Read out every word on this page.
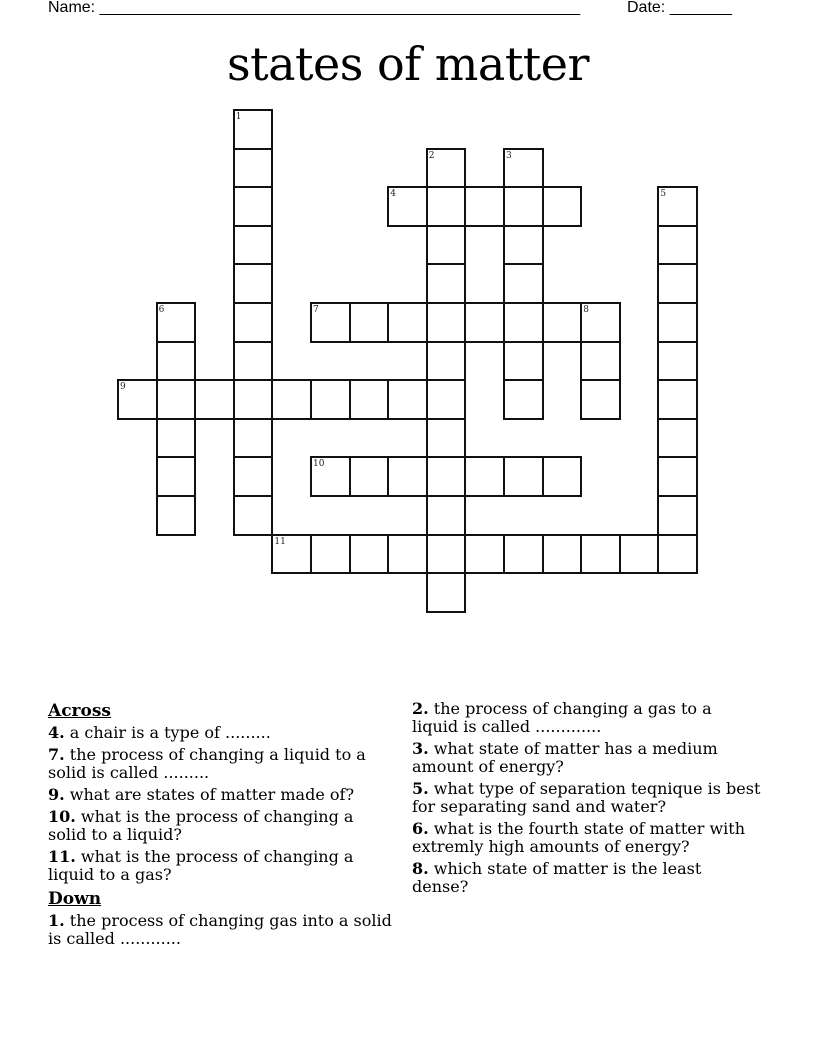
Name: ______________________________________________________	Date: _______
states of matter
1
2	3
4	5
6	7	8
9
10
11
Across
4. a chair is a type of .........
7. the process of changing a liquid to a solid is called .........
9. what are states of matter made of?
10. what is the process of changing a solid to a liquid?
11. what is the process of changing a liquid to a gas?
Down
1. the process of changing gas into a solid is called ............
2. the process of changing a gas to a liquid is called .............
3. what state of matter has a medium amount of energy?
5. what type of separation teqnique is best for separating sand and water?
6. what is the fourth state of matter with extremly high amounts of energy?
8. which state of matter is the least dense?
